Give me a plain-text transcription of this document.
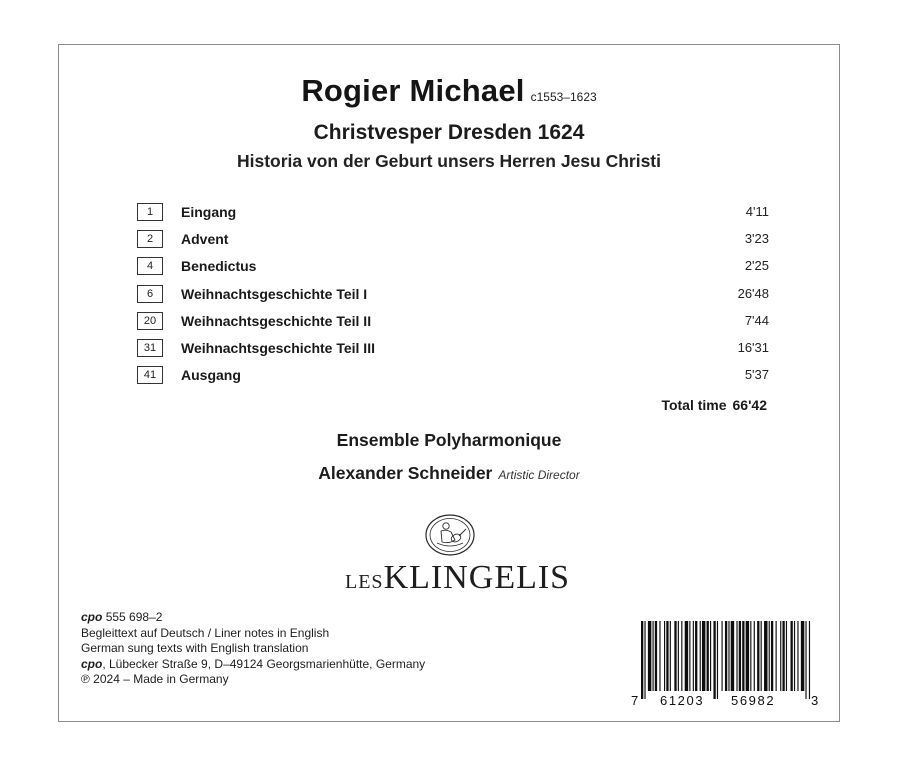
Rogier Michael c1553–1623
Christvesper Dresden 1624
Historia von der Geburt unsers Herren Jesu Christi
1	Eingang	4'11
2	Advent	3'23
4	Benedictus	2'25
6	Weihnachtsgeschichte Teil I	26'48
20	Weihnachtsgeschichte Teil II	7'44
31	Weihnachtsgeschichte Teil III	16'31
41	Ausgang	5'37
Total time 66'42
Ensemble Polyharmonique
Alexander Schneider Artistic Director
LESKLINGELIS
cpo 555 698–2
Begleittext auf Deutsch / Liner notes in English
German sung texts with English translation
cpo, Lübecker Straße 9, D–49124 Georgsmarienhütte, Germany
℗ 2024 – Made in Germany
7 61203 56982	3
